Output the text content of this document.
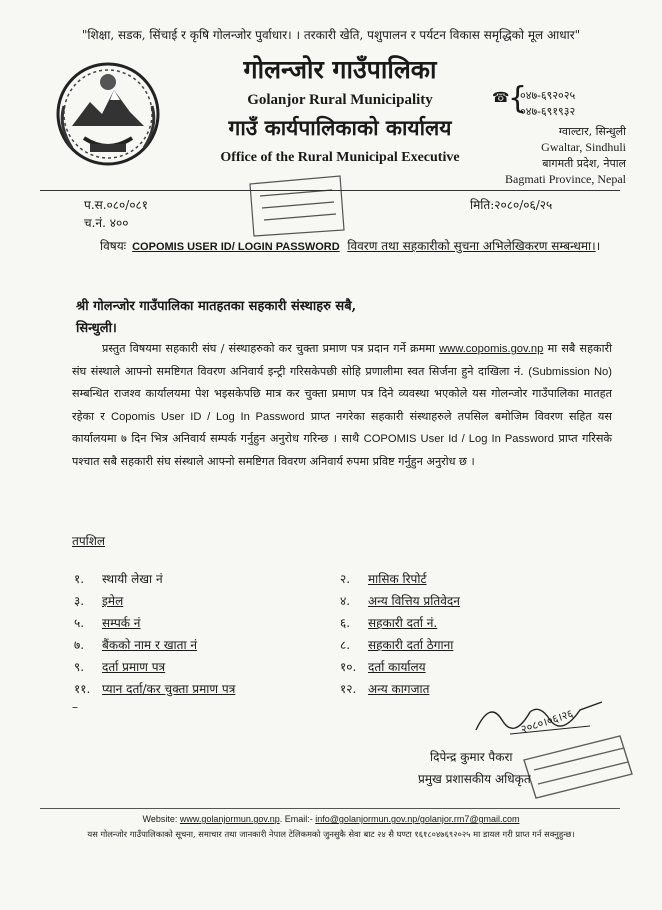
"शिक्षा, सडक, सिंचाई र कृषि गोलन्जोर पुर्वाधार। । तरकारी खेति, पशुपालन र पर्यटन विकास समृद्धिको मूल आधार"
गोलन्जोर गाउँपालिका
Golanjor Rural Municipality
गाउँ कार्यपालिकाको कार्यालय
Office of the Rural Municipal Executive
☎
{
०४७-६९२०२५
०४७-६९१९३२
ग्वाल्टार, सिन्धुली
Gwaltar, Sindhuli
बागमती प्रदेश, नेपाल
Bagmati Province, Nepal
प.स.०८०/०८१
च.नं. ४००
मिति:२०८०/०६/२५
विषयः COPOMIS USER ID/ LOGIN PASSWORD विवरण तथा सहकारीको सुचना अभिलेखिकरण सम्बन्धमा।।
श्री गोलन्जोर गाउँपालिका मातहतका सहकारी संस्थाहरु सबै,
सिन्धुली।
प्रस्तुत विषयमा सहकारी संघ / संस्थाहरुको कर चुक्ता प्रमाण पत्र प्रदान गर्ने क्रममा www.copomis.gov.np मा सबै सहकारी संघ संस्थाले आफ्नो समष्टिगत विवरण अनिवार्य इन्ट्री गरिसकेपछी सोहि प्रणालीमा स्वत सिर्जना हुने दाखिला नं. (Submission No) सम्बन्धित राजश्व कार्यालयमा पेश भइसकेपछि मात्र कर चुक्ता प्रमाण पत्र दिने व्यवस्था भएकोले यस गोलन्जोर गाउँपालिका मातहत रहेका र Copomis User ID / Log In Password प्राप्त नगरेका सहकारी संस्थाहरुले तपसिल बमोजिम विवरण सहित यस कार्यालयमा ७ दिन भित्र अनिवार्य सम्पर्क गर्नुहुन अनुरोध गरिन्छ । साथै COPOMIS User Id / Log In Password प्राप्त गरिसके पश्चात सबै सहकारी संघ संस्थाले आफ्नो समष्टिगत विवरण अनिवार्य रुपमा प्रविष्ट गर्नुहुन अनुरोध छ ।
तपशिल
१. स्थायी लेखा नं	२. मासिक रिपोर्ट
३. इमेल	४. अन्य वित्तिय प्रतिवेदन
५. सम्पर्क नं	६. सहकारी दर्ता नं.
७. बैंकको नाम र खाता नं	८. सहकारी दर्ता ठेगाना
९. दर्ता प्रमाण पत्र	१०. दर्ता कार्यालय
११. प्यान दर्ता/कर चुक्ता प्रमाण पत्र	१२. अन्य कागजात
–	२०८०।०६।२६
दिपेन्द्र कुमार पैकरा
प्रमुख प्रशासकीय अधिकृत
Website: www.golanjormun.gov.np. Email:- info@golanjormun.gov.np/golanjor.rm7@gmail.com
यस गोलन्जोर गाउँपालिकाको सूचना, समाचार तथा जानकारी नेपाल टेलिकमको जुनसुकै सेवा बाट २४ सै घण्टा १६१८०४७६९२०२५ मा डायल गरी प्राप्त गर्न सक्नुहुन्छ।
